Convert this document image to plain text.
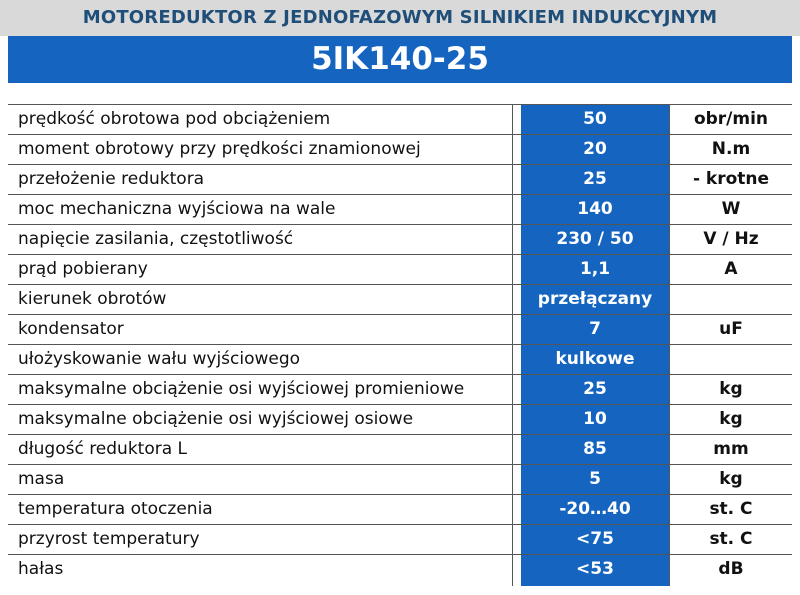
MOTOREDUKTOR Z JEDNOFAZOWYM SILNIKIEM INDUKCYJNYM
5IK140-25
prędkość obrotowa pod obciążeniem	50	obr/min
moment obrotowy przy prędkości znamionowej	20	N.m
przełożenie reduktora	25	- krotne
moc mechaniczna wyjściowa na wale	140	W
napięcie zasilania, częstotliwość	230 / 50	V / Hz
prąd pobierany	1,1	A
kierunek obrotów	przełączany
kondensator	7	uF
ułożyskowanie wału wyjściowego	kulkowe
maksymalne obciążenie osi wyjściowej promieniowe	25	kg
maksymalne obciążenie osi wyjściowej osiowe	10	kg
długość reduktora L	85	mm
masa	5	kg
temperatura otoczenia	-20…40	st. C
przyrost temperatury	<75	st. C
hałas	<53	dB
